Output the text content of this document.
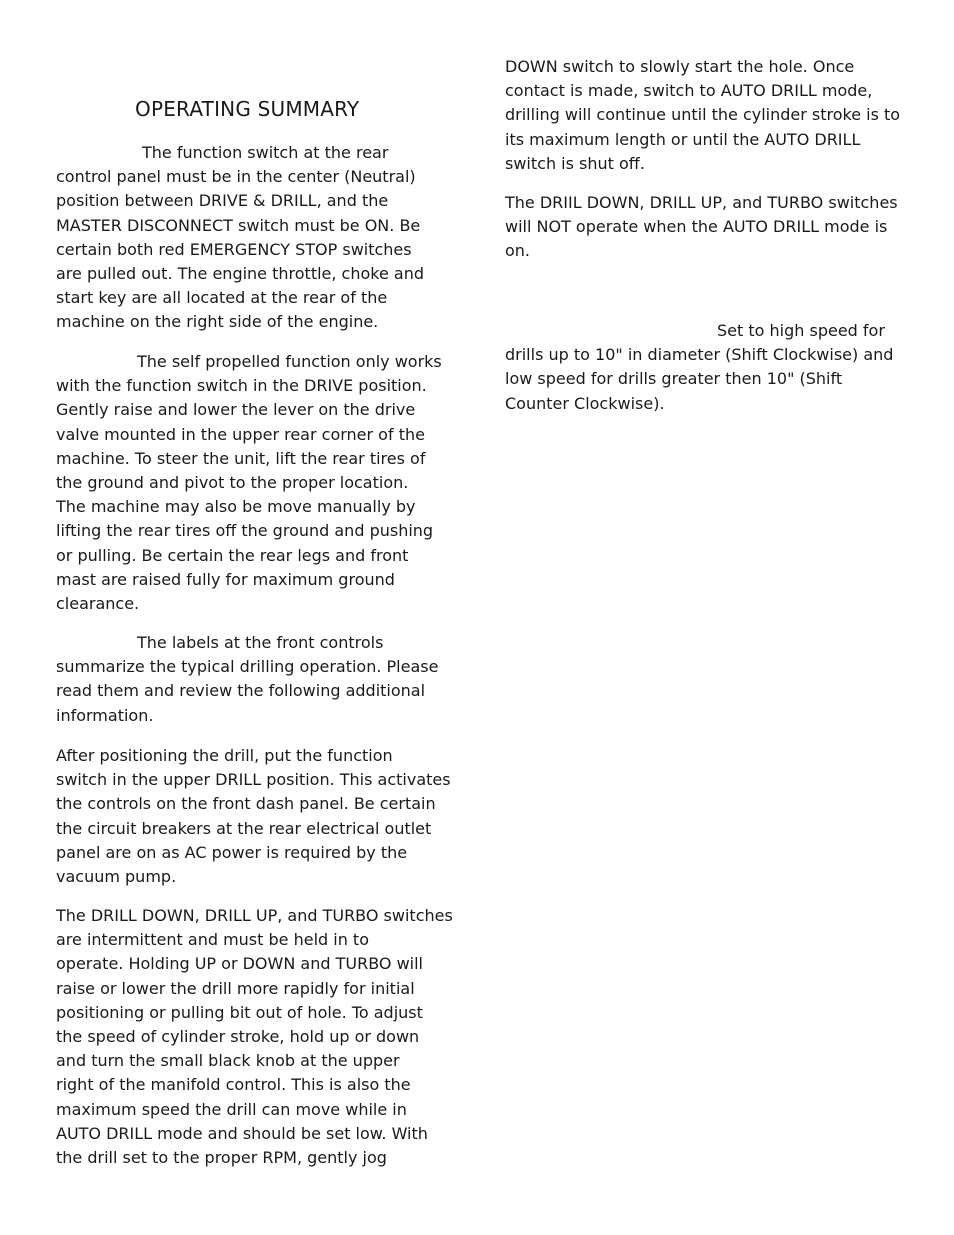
OPERATING SUMMARY

The function switch at the rear
control panel must be in the center (Neutral)
position between DRIVE & DRILL, and the
MASTER DISCONNECT switch must be ON. Be
certain both red EMERGENCY STOP switches
are pulled out. The engine throttle, choke and
start key are all located at the rear of the
machine on the right side of the engine.

The self propelled function only works
with the function switch in the DRIVE position.
Gently raise and lower the lever on the drive
valve mounted in the upper rear corner of the
machine. To steer the unit, lift the rear tires of
the ground and pivot to the proper location.
The machine may also be move manually by
lifting the rear tires off the ground and pushing
or pulling. Be certain the rear legs and front
mast are raised fully for maximum ground
clearance.

The labels at the front controls
summarize the typical drilling operation. Please
read them and review the following additional
information.

After positioning the drill, put the function
switch in the upper DRILL position. This activates
the controls on the front dash panel. Be certain
the circuit breakers at the rear electrical outlet
panel are on as AC power is required by the
vacuum pump.

The DRILL DOWN, DRILL UP, and TURBO switches
are intermittent and must be held in to
operate. Holding UP or DOWN and TURBO will
raise or lower the drill more rapidly for initial
positioning or pulling bit out of hole. To adjust
the speed of cylinder stroke, hold up or down
and turn the small black knob at the upper
right of the manifold control. This is also the
maximum speed the drill can move while in
AUTO DRILL mode and should be set low. With
the drill set to the proper RPM, gently jog

DOWN switch to slowly start the hole. Once
contact is made, switch to AUTO DRILL mode,
drilling will continue until the cylinder stroke is to
its maximum length or until the AUTO DRILL
switch is shut off.

The DRIIL DOWN, DRILL UP, and TURBO switches
will NOT operate when the AUTO DRILL mode is
on.

Set to high speed for
drills up to 10" in diameter (Shift Clockwise) and
low speed for drills greater then 10" (Shift
Counter Clockwise).
